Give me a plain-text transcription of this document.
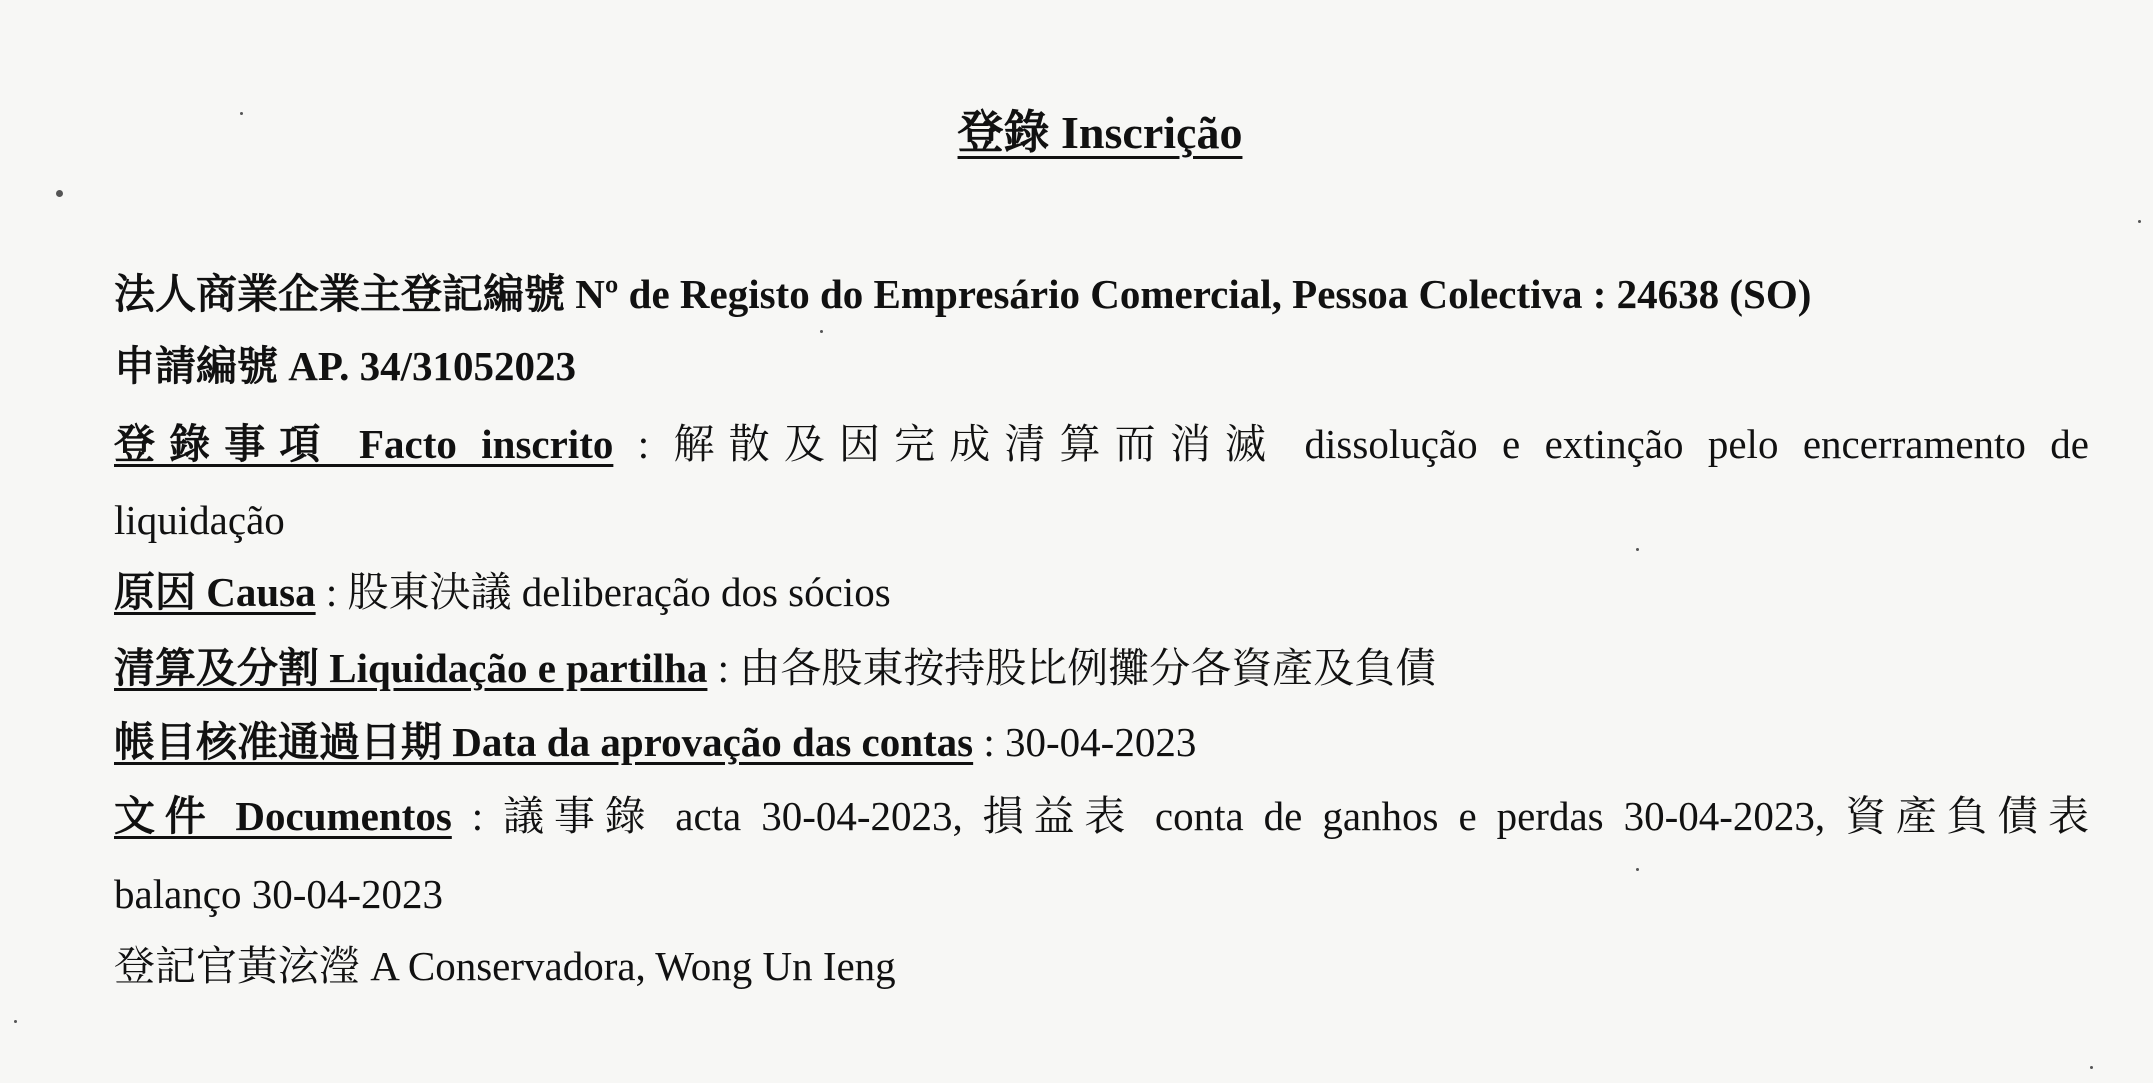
登錄 Inscrição
法人商業企業主登記編號 Nº de Registo do Empresário Comercial, Pessoa Colectiva : 24638 (SO)
申請編號 AP. 34/31052023
登錄事項 Facto inscrito : 解散及因完成清算而消滅 dissolução e extinção pelo encerramento de
liquidação
原因 Causa : 股東決議 deliberação dos sócios
清算及分割 Liquidação e partilha : 由各股東按持股比例攤分各資產及負債
帳目核准通過日期 Data da aprovação das contas : 30-04-2023
文件 Documentos : 議事錄 acta 30-04-2023, 損益表 conta de ganhos e perdas 30-04-2023, 資產負債表
balanço 30-04-2023
登記官黃泫瀅 A Conservadora, Wong Un Ieng
